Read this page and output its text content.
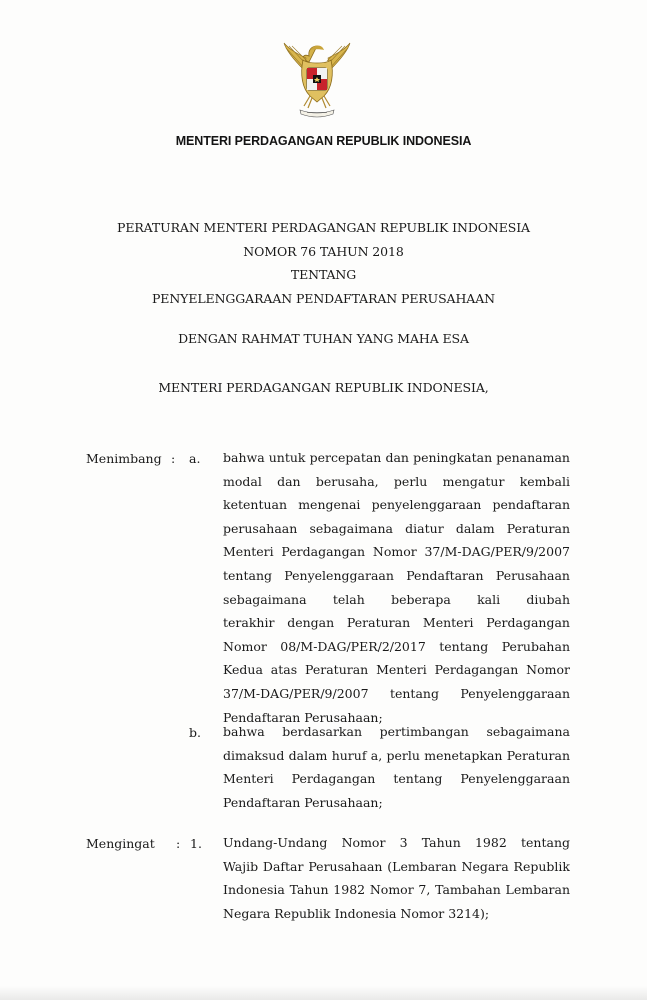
MENTERI PERDAGANGAN REPUBLIK INDONESIA
PERATURAN MENTERI PERDAGANGAN REPUBLIK INDONESIA
NOMOR 76 TAHUN 2018
TENTANG
PENYELENGGARAAN PENDAFTARAN PERUSAHAAN
DENGAN RAHMAT TUHAN YANG MAHA ESA
MENTERI PERDAGANGAN REPUBLIK INDONESIA,
Menimbang : a. bahwa untuk percepatan dan peningkatan penanaman
modal dan berusaha, perlu mengatur kembali
ketentuan mengenai penyelenggaraan pendaftaran
perusahaan sebagaimana diatur dalam Peraturan
Menteri Perdagangan Nomor 37/M-DAG/PER/9/2007
tentang Penyelenggaraan Pendaftaran Perusahaan
sebagaimana telah beberapa kali diubah
terakhir dengan Peraturan Menteri Perdagangan
Nomor 08/M-DAG/PER/2/2017 tentang Perubahan
Kedua atas Peraturan Menteri Perdagangan Nomor
37/M-DAG/PER/9/2007 tentang Penyelenggaraan
Pendaftaran Perusahaan;
b. bahwa berdasarkan pertimbangan sebagaimana
dimaksud dalam huruf a, perlu menetapkan Peraturan
Menteri Perdagangan tentang Penyelenggaraan
Pendaftaran Perusahaan;
Mengingat : 1. Undang-Undang Nomor 3 Tahun 1982 tentang
Wajib Daftar Perusahaan (Lembaran Negara Republik
Indonesia Tahun 1982 Nomor 7, Tambahan Lembaran
Negara Republik Indonesia Nomor 3214);
